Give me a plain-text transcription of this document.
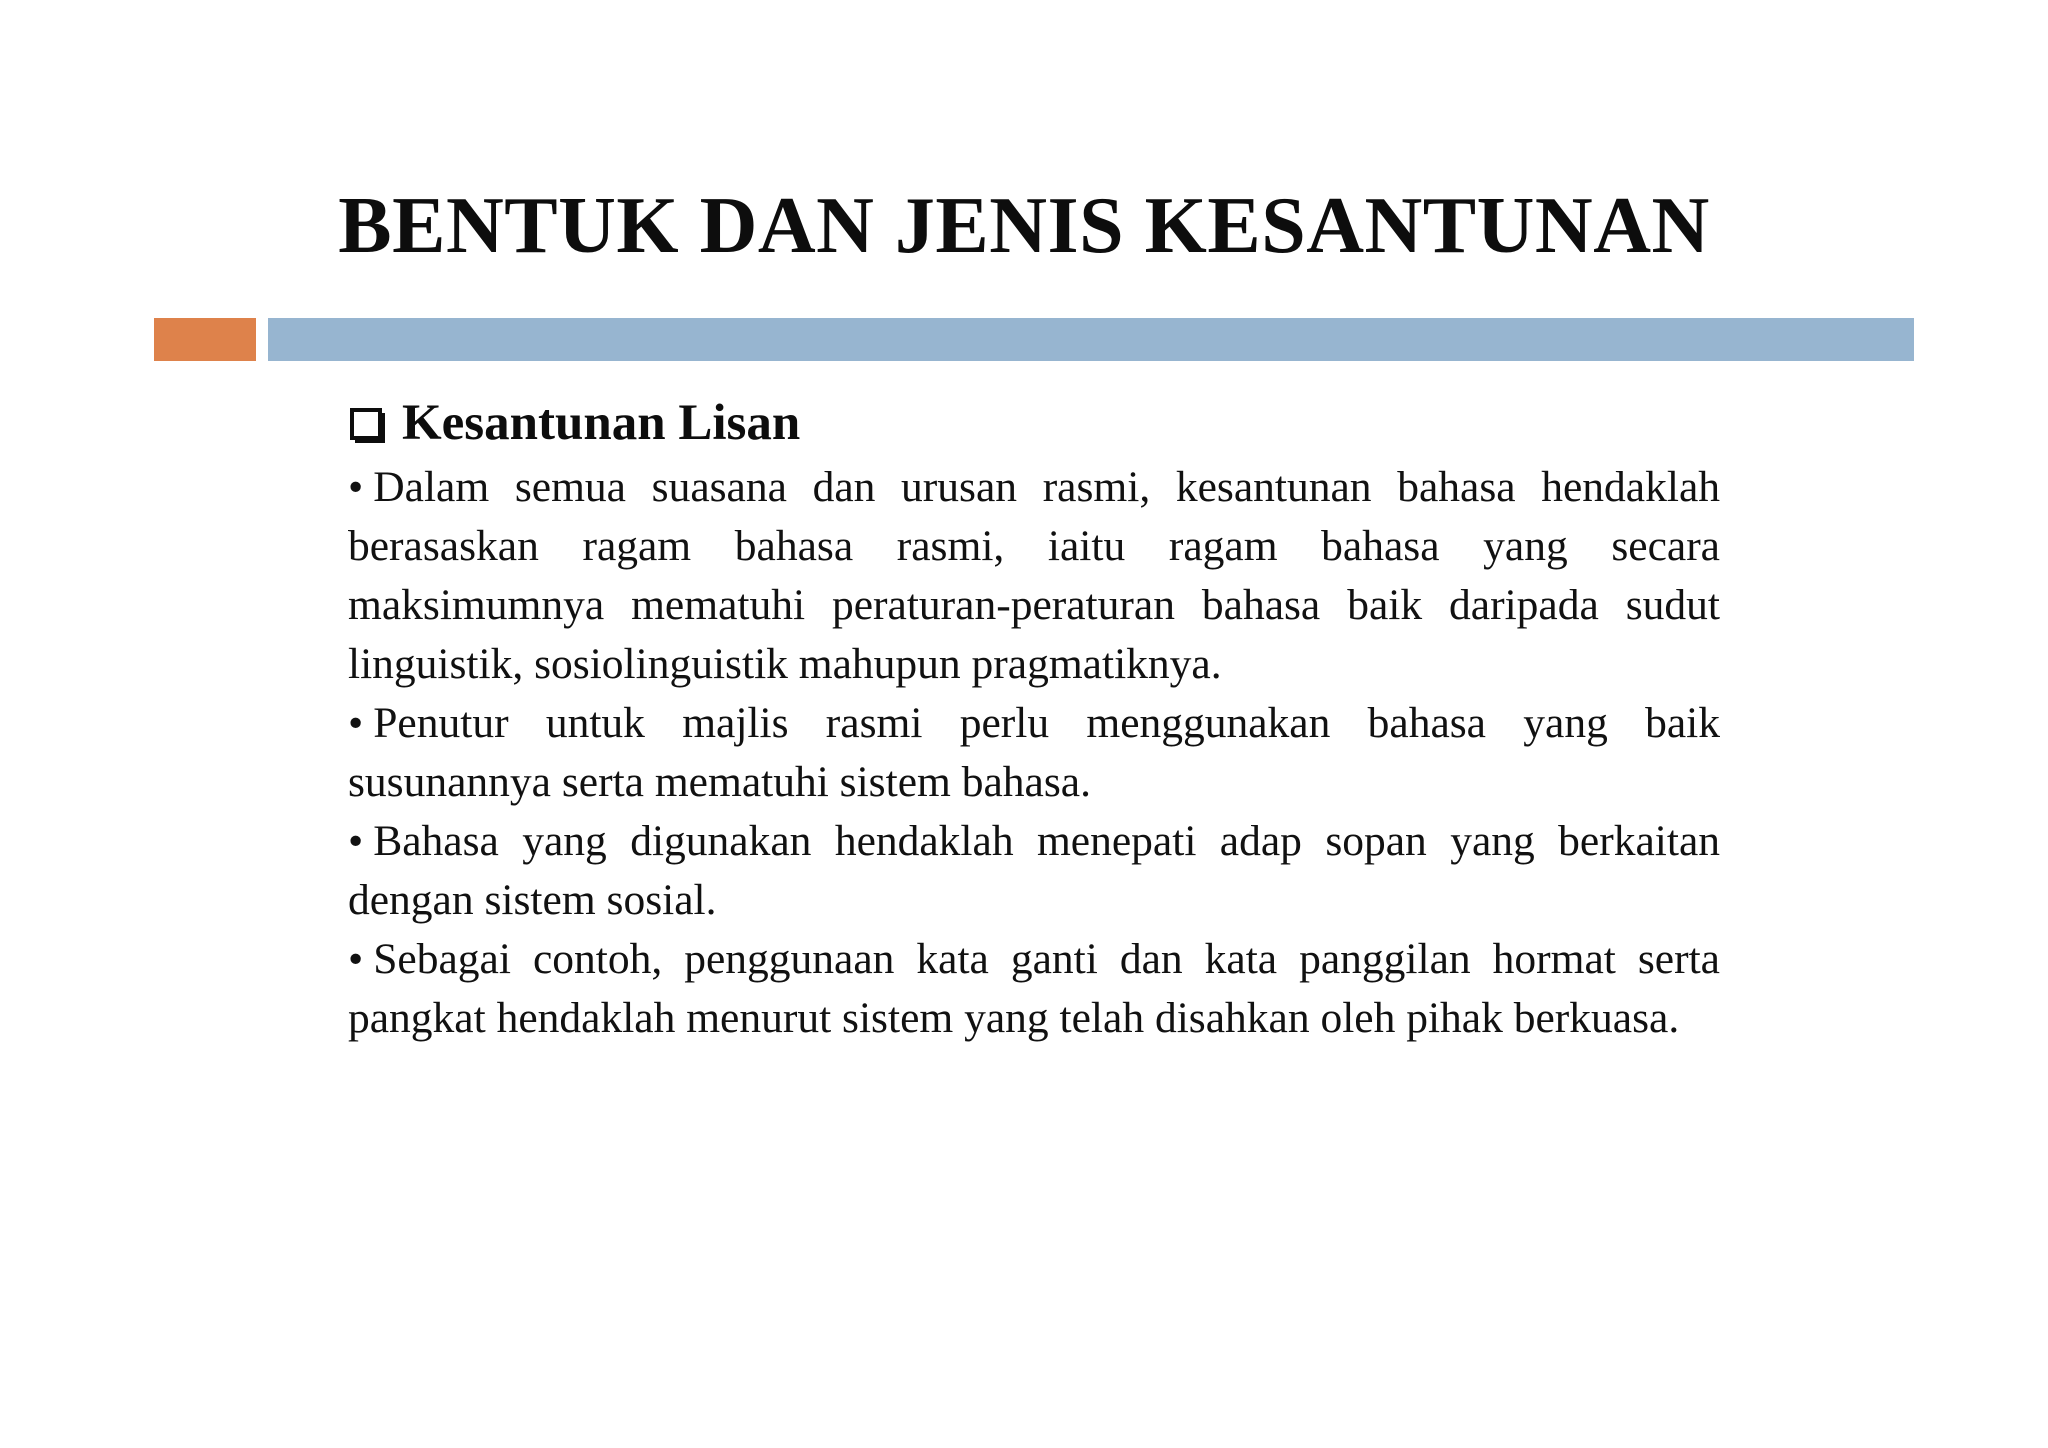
BENTUK DAN JENIS KESANTUNAN
Kesantunan Lisan
• Dalam semua suasana dan urusan rasmi, kesantunan bahasa hendaklah berasaskan ragam bahasa rasmi, iaitu ragam bahasa yang secara maksimumnya mematuhi peraturan-peraturan bahasa baik daripada sudut linguistik, sosiolinguistik mahupun pragmatiknya.
• Penutur untuk majlis rasmi perlu menggunakan bahasa yang baik susunannya serta mematuhi sistem bahasa.
• Bahasa yang digunakan hendaklah menepati adap sopan yang berkaitan dengan sistem sosial.
• Sebagai contoh, penggunaan kata ganti dan kata panggilan hormat serta pangkat hendaklah menurut sistem yang telah disahkan oleh pihak berkuasa.
